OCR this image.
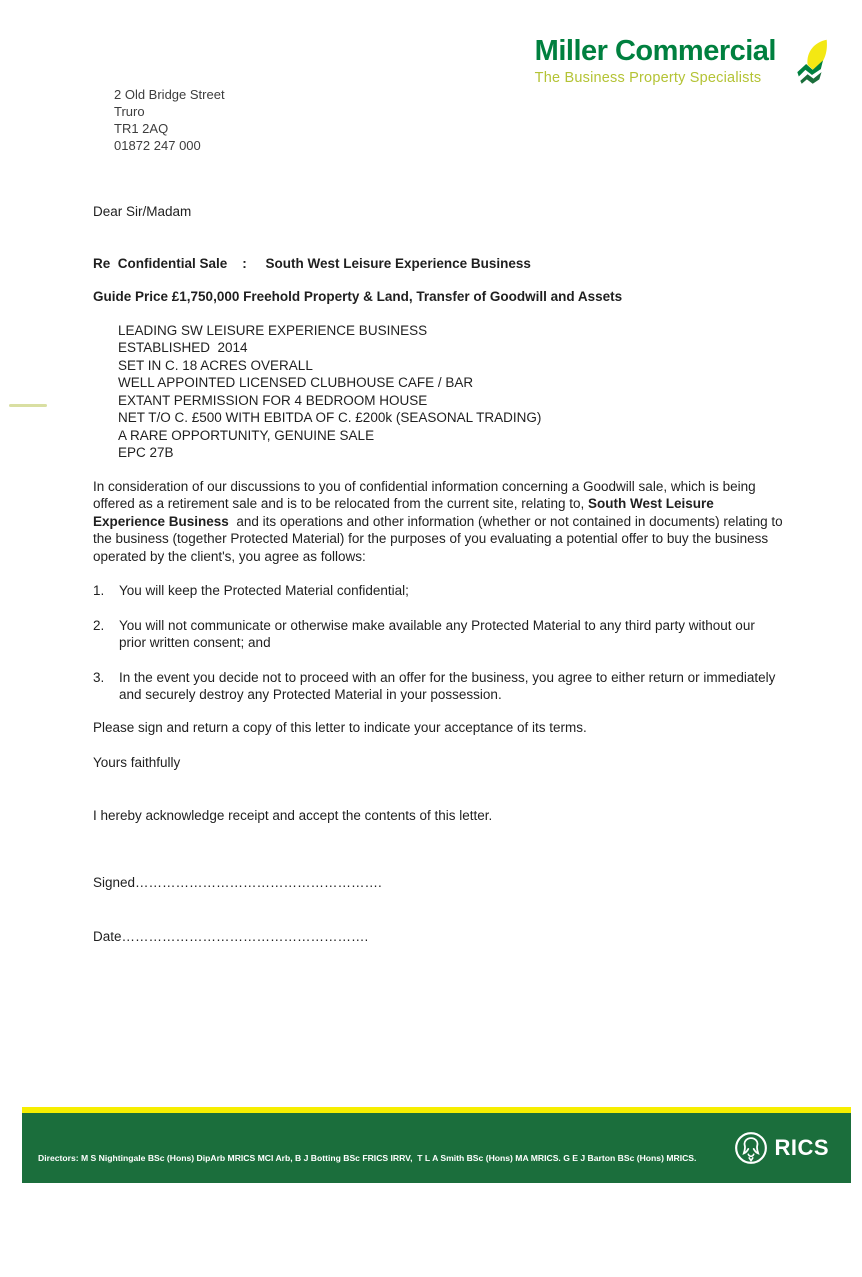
Miller Commercial
The Business Property Specialists
2 Old Bridge Street
Truro
TR1 2AQ
01872 247 000
Dear Sir/Madam
Re  Confidential Sale    :     South West Leisure Experience Business
Guide Price £1,750,000 Freehold Property & Land, Transfer of Goodwill and Assets
LEADING SW LEISURE EXPERIENCE BUSINESS
ESTABLISHED  2014
SET IN C. 18 ACRES OVERALL
WELL APPOINTED LICENSED CLUBHOUSE CAFE / BAR
EXTANT PERMISSION FOR 4 BEDROOM HOUSE
NET T/O C. £500 WITH EBITDA OF C. £200k (SEASONAL TRADING)
A RARE OPPORTUNITY, GENUINE SALE
EPC 27B
In consideration of our discussions to you of confidential information concerning a Goodwill sale, which is being offered as a retirement sale and is to be relocated from the current site, relating to, South West Leisure Experience Business  and its operations and other information (whether or not contained in documents) relating to the business (together Protected Material) for the purposes of you evaluating a potential offer to buy the business operated by the client's, you agree as follows:
1.	You will keep the Protected Material confidential;
2.	You will not communicate or otherwise make available any Protected Material to any third party without our prior written consent; and
3.	In the event you decide not to proceed with an offer for the business, you agree to either return or immediately and securely destroy any Protected Material in your possession.
Please sign and return a copy of this letter to indicate your acceptance of its terms.
Yours faithfully
I hereby acknowledge receipt and accept the contents of this letter.
Signed……………………………………………….
Date……………………………………………….

Directors: M S Nightingale BSc (Hons) DipArb MRICS MCI Arb, B J Botting BSc FRICS IRRV,  T L A Smith BSc (Hons) MA MRICS. G E J Barton BSc (Hons) MRICS.

Miller Commercial is the trading name of Miller Commercial LLP. Registered Number OC 03507535. Registered in England and Wales.   VAT Reg. No

711 8683 31.  'Partners' is used to refer to a member of Miller Commercial LLP.

RICS
